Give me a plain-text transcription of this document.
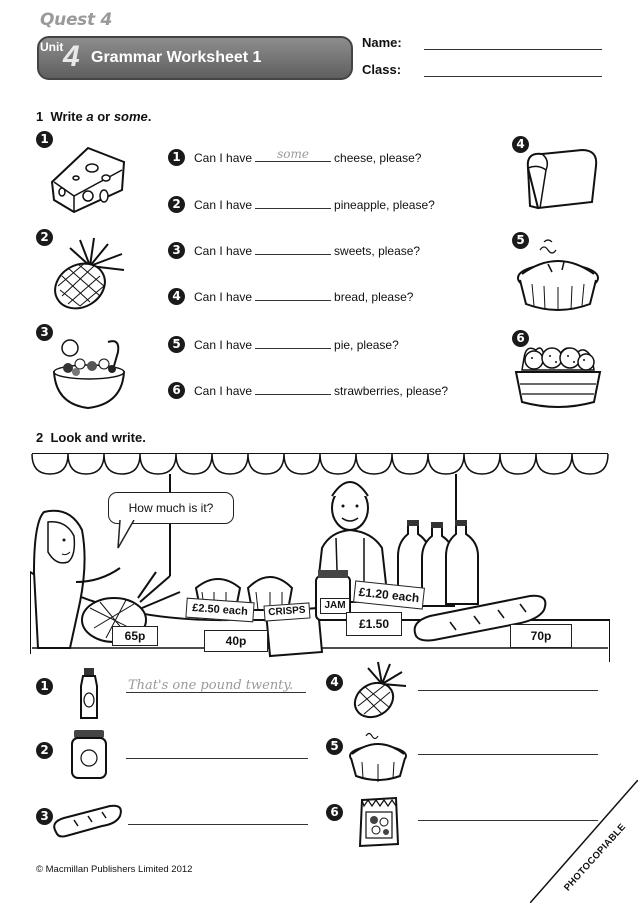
Quest 4
Unit 4 Grammar Worksheet 1
Name:
Class:
1 Write a or some.
1
2
3
4
5
6
1	Can I have	some	cheese, please?
2	Can I have	pineapple, please?
3	Can I have	sweets, please?
4	Can I have	bread, please?
5	Can I have	pie, please?
6	Can I have	strawberries, please?
2 Look and write.
How much is it?
65p
£2.50 each
40p
CRISPS	JAM
£1.20 each
£1.50
70p
1	That's one pound twenty.
2
3
4
5
6
© Macmillan Publishers Limited 2012	PHOTOCOPIABLE
